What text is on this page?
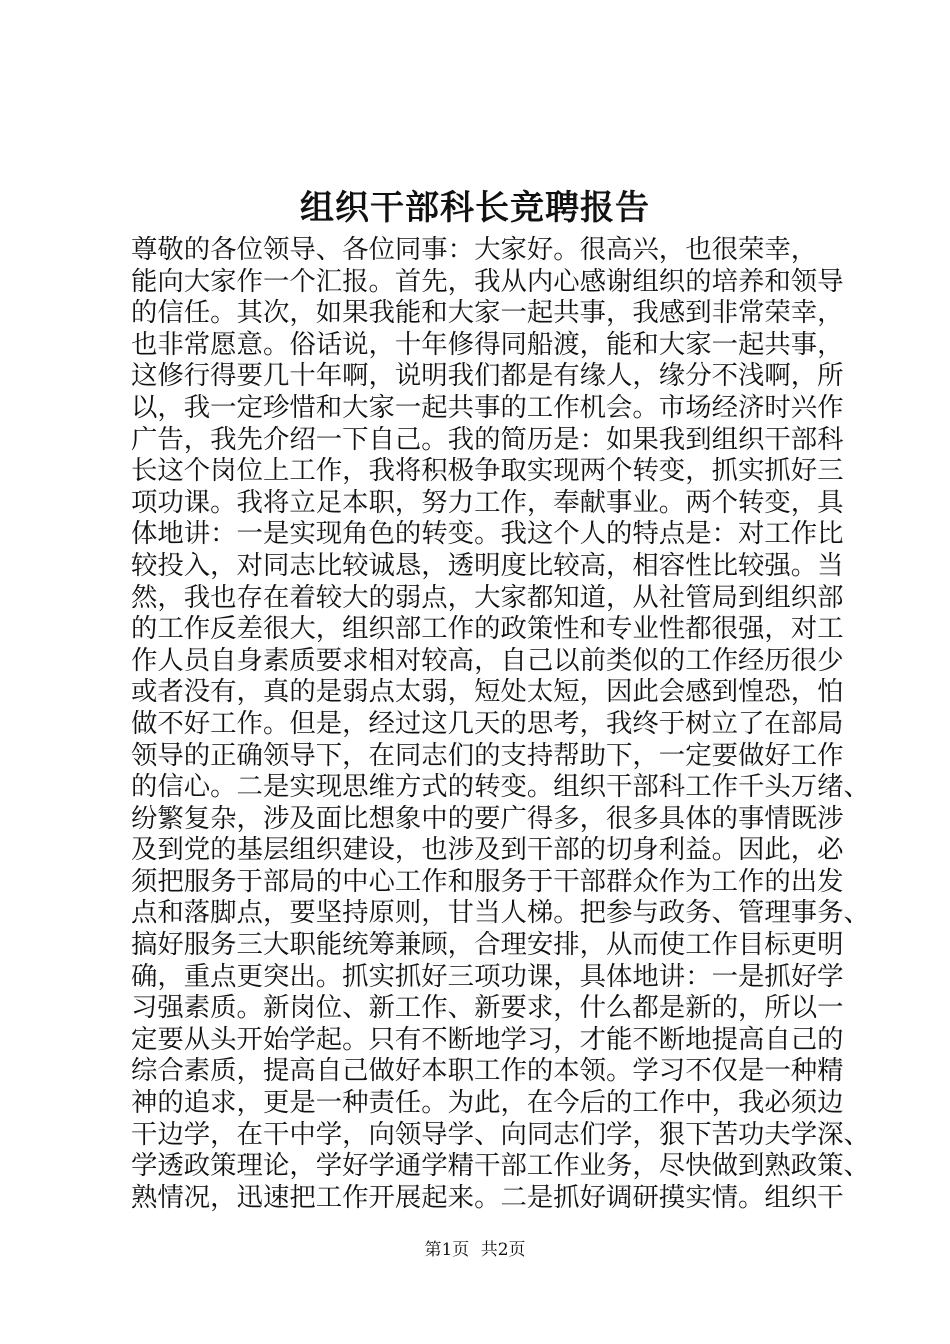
组织干部科长竞聘报告
尊敬的各位领导、各位同事：大家好。很高兴，也很荣幸，
能向大家作一个汇报。首先，我从内心感谢组织的培养和领导
的信任。其次，如果我能和大家一起共事，我感到非常荣幸，
也非常愿意。俗话说，十年修得同船渡，能和大家一起共事，
这修行得要几十年啊，说明我们都是有缘人，缘分不浅啊，所
以，我一定珍惜和大家一起共事的工作机会。市场经济时兴作
广告，我先介绍一下自己。我的简历是：如果我到组织干部科
长这个岗位上工作，我将积极争取实现两个转变，抓实抓好三
项功课。我将立足本职，努力工作，奉献事业。两个转变，具
体地讲：一是实现角色的转变。我这个人的特点是：对工作比
较投入，对同志比较诚恳，透明度比较高，相容性比较强。当
然，我也存在着较大的弱点，大家都知道，从社管局到组织部
的工作反差很大，组织部工作的政策性和专业性都很强，对工
作人员自身素质要求相对较高，自己以前类似的工作经历很少
或者没有，真的是弱点太弱，短处太短，因此会感到惶恐，怕
做不好工作。但是，经过这几天的思考，我终于树立了在部局
领导的正确领导下，在同志们的支持帮助下，一定要做好工作
的信心。二是实现思维方式的转变。组织干部科工作千头万绪、
纷繁复杂，涉及面比想象中的要广得多，很多具体的事情既涉
及到党的基层组织建设，也涉及到干部的切身利益。因此，必
须把服务于部局的中心工作和服务于干部群众作为工作的出发
点和落脚点，要坚持原则，甘当人梯。把参与政务、管理事务、
搞好服务三大职能统筹兼顾，合理安排，从而使工作目标更明
确，重点更突出。抓实抓好三项功课，具体地讲：一是抓好学
习强素质。新岗位、新工作、新要求，什么都是新的，所以一
定要从头开始学起。只有不断地学习，才能不断地提高自己的
综合素质，提高自己做好本职工作的本领。学习不仅是一种精
神的追求，更是一种责任。为此，在今后的工作中，我必须边
干边学，在干中学，向领导学、向同志们学，狠下苦功夫学深、
学透政策理论，学好学通学精干部工作业务，尽快做到熟政策、
熟情况，迅速把工作开展起来。二是抓好调研摸实情。组织干
第1页 共2页
